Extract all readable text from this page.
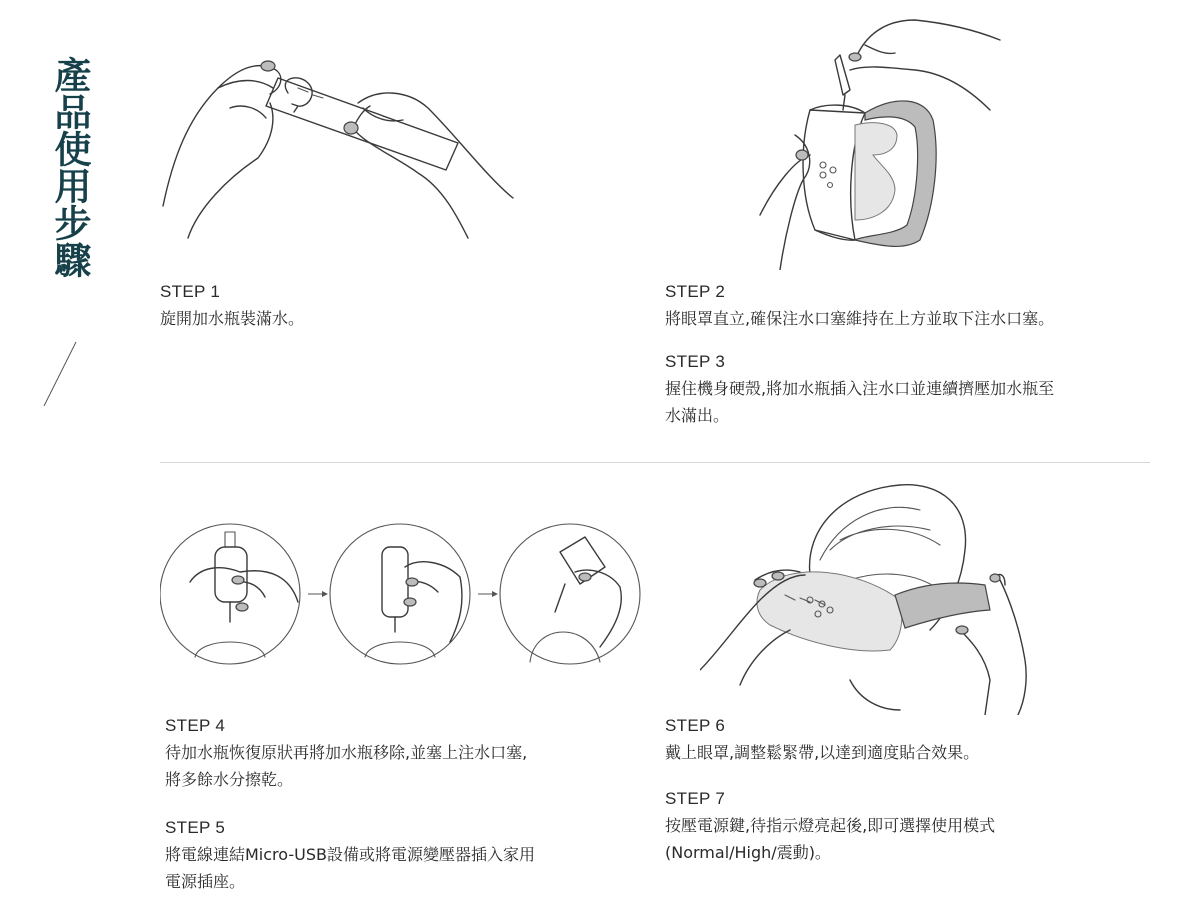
產品使用步驟
STEP 1
旋開加水瓶裝滿水。
STEP 2
將眼罩直立,確保注水口塞維持在上方並取下注水口塞。
STEP 3
握住機身硬殼,將加水瓶插入注水口並連續擠壓加水瓶至
水滿出。
STEP 4
待加水瓶恢復原狀再將加水瓶移除,並塞上注水口塞,
將多餘水分擦乾。
STEP 5
將電線連結Micro-USB設備或將電源變壓器插入家用
電源插座。
STEP 6
戴上眼罩,調整鬆緊帶,以達到適度貼合效果。
STEP 7
按壓電源鍵,待指示燈亮起後,即可選擇使用模式
(Normal/High/震動)。
